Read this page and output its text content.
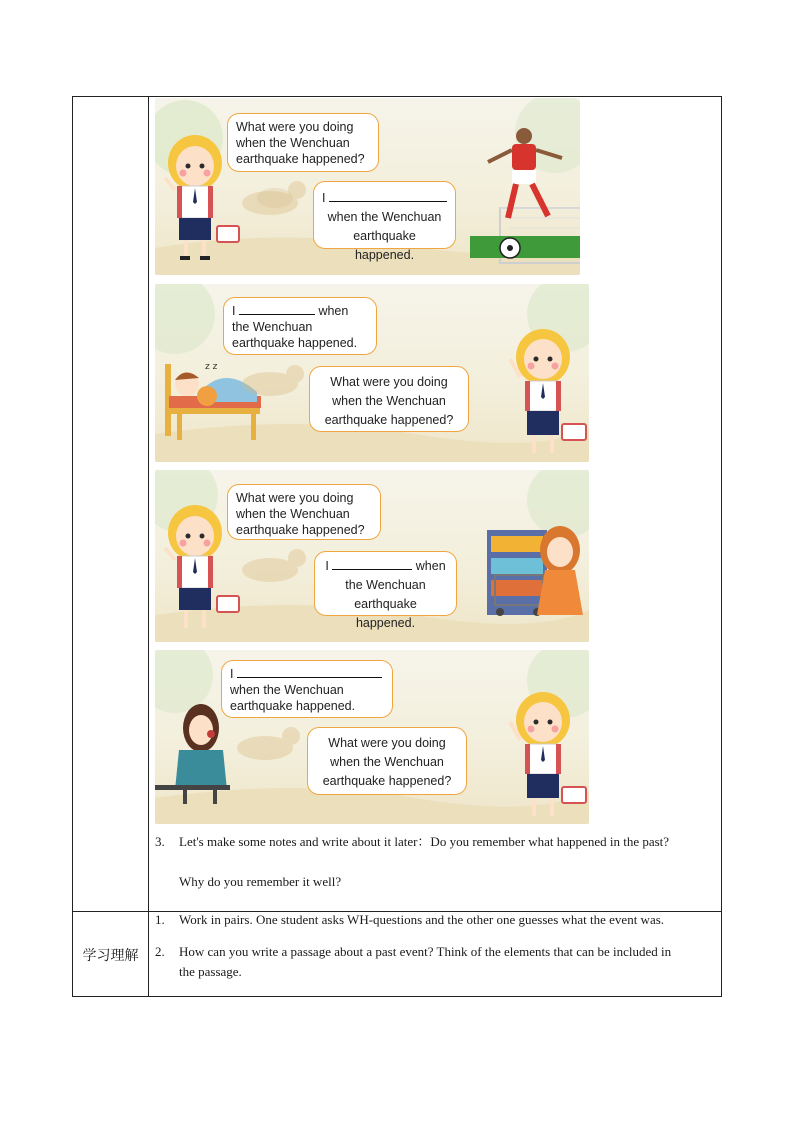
学习理解
What were you doing
when the Wenchuan
earthquake happened?
I
when the Wenchuan
earthquake happened.
z z
I	when
the Wenchuan
earthquake happened.
What were you doing
when the Wenchuan
earthquake happened?
What were you doing
when the Wenchuan
earthquake happened?
I	when
the Wenchuan
earthquake happened.
I
when the Wenchuan
earthquake happened.
What were you doing
when the Wenchuan
earthquake happened?
3.	Let's make some notes and write about it later：Do you remember what happened in the past?
Why do you remember it well?
1.	Work in pairs. One student asks WH-questions and the other one guesses what the event was.
2.	How can you write a passage about a past event? Think of the elements that can be included in
the passage.
